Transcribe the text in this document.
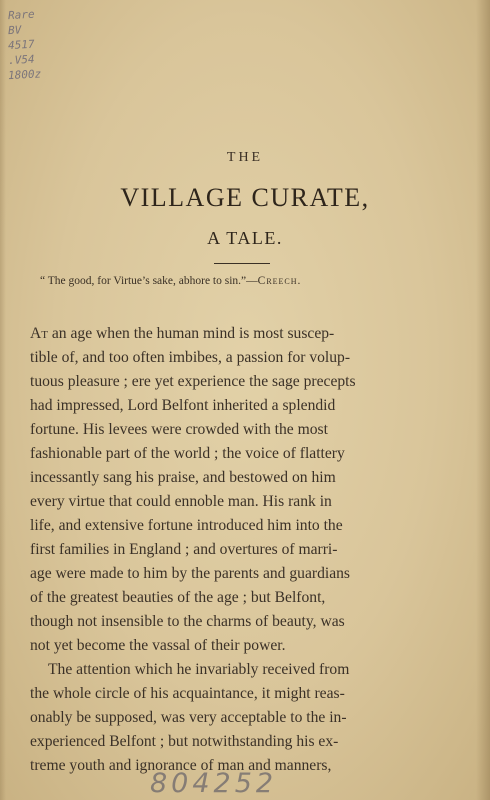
Rare
BV
4517
.V54
1800z
THE
VILLAGE CURATE,
A TALE.
“ The good, for Virtue’s sake, abhore to sin.”—Creech.
At an age when the human mind is most suscep-
tible of, and too often imbibes, a passion for volup-
tuous pleasure ; ere yet experience the sage precepts
had impressed, Lord Belfont inherited a splendid
fortune. His levees were crowded with the most
fashionable part of the world ; the voice of flattery
incessantly sang his praise, and bestowed on him
every virtue that could ennoble man. His rank in
life, and extensive fortune introduced him into the
first families in England ; and overtures of marri-
age were made to him by the parents and guardians
of the greatest beauties of the age ; but Belfont,
though not insensible to the charms of beauty, was
not yet become the vassal of their power.
The attention which he invariably received from
the whole circle of his acquaintance, it might reas-
onably be supposed, was very acceptable to the in-
experienced Belfont ; but notwithstanding his ex-
treme youth and ignorance of man and manners,
804252
